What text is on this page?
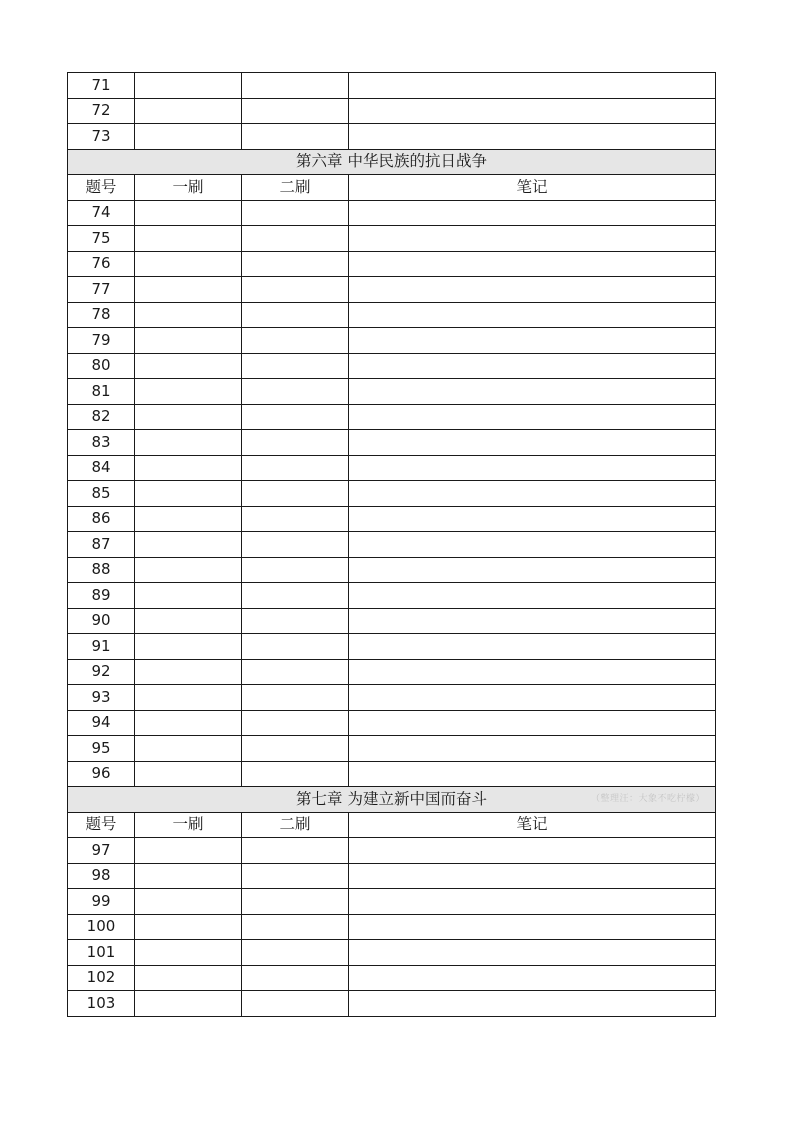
71			
72			
73			
第六章 中华民族的抗日战争			
题号	一刷	二刷	笔记
74			
75			
76			
77			
78			
79			
80			
81			
82			
83			
84			
85			
86			
87			
88			
89			
90			
91			
92			
93			
94			
95			
96			
第七章 为建立新中国而奋斗 （整理汪：大象不吃柠檬）			

题号	一刷	二刷	笔记
97			
98			
99			
100			
101			
102			
103			
